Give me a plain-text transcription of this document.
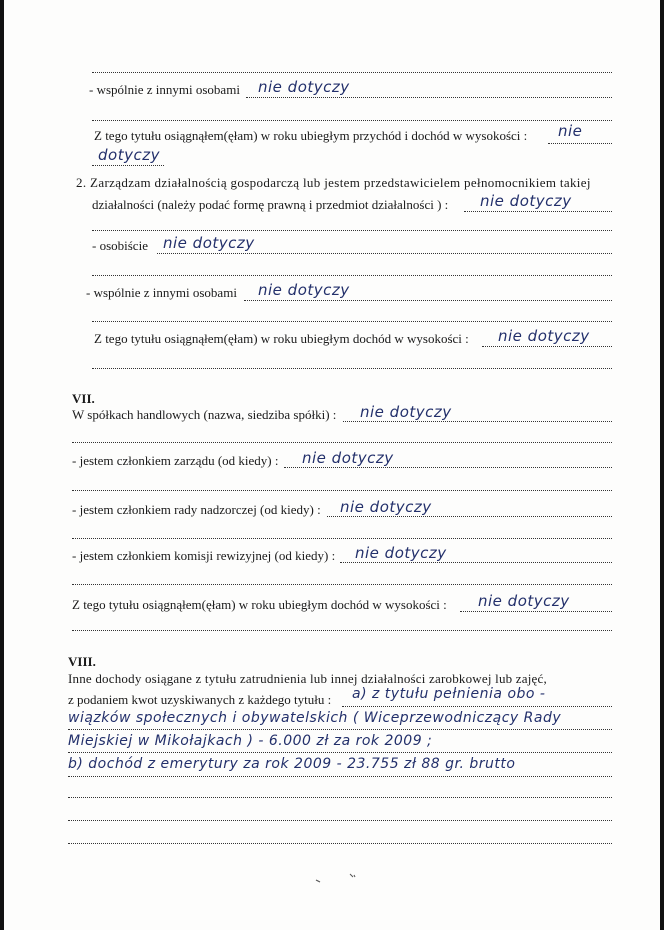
- wspólnie z innymi osobami nie dotyczy
Z tego tytułu osiągnąłem(ęłam) w roku ubiegłym przychód i dochód w wysokości : nie
dotyczy
2. Zarządzam działalnością gospodarczą lub jestem przedstawicielem pełnomocnikiem takiej
działalności (należy podać formę prawną i przedmiot działalności ) : nie dotyczy
- osobiście nie dotyczy
- wspólnie z innymi osobami nie dotyczy
Z tego tytułu osiągnąłem(ęłam) w roku ubiegłym dochód w wysokości : nie dotyczy
VII.
W spółkach handlowych (nazwa, siedziba spółki) : nie dotyczy
- jestem członkiem zarządu (od kiedy) : nie dotyczy
- jestem członkiem rady nadzorczej (od kiedy) : nie dotyczy
- jestem członkiem komisji rewizyjnej (od kiedy) : nie dotyczy
Z tego tytułu osiągnąłem(ęłam) w roku ubiegłym dochód w wysokości : nie dotyczy
VIII.
Inne dochody osiągane z tytułu zatrudnienia lub innej działalności zarobkowej lub zajęć,
z podaniem kwot uzyskiwanych z każdego tytułu : a) z tytułu pełnienia obo -
wiązków społecznych i obywatelskich ( Wiceprzewodniczący Rady
Miejskiej w Mikołajkach ) - 6.000 zł za rok 2009 ;
b) dochód z emerytury za rok 2009 - 23.755 zł 88 gr. brutto
